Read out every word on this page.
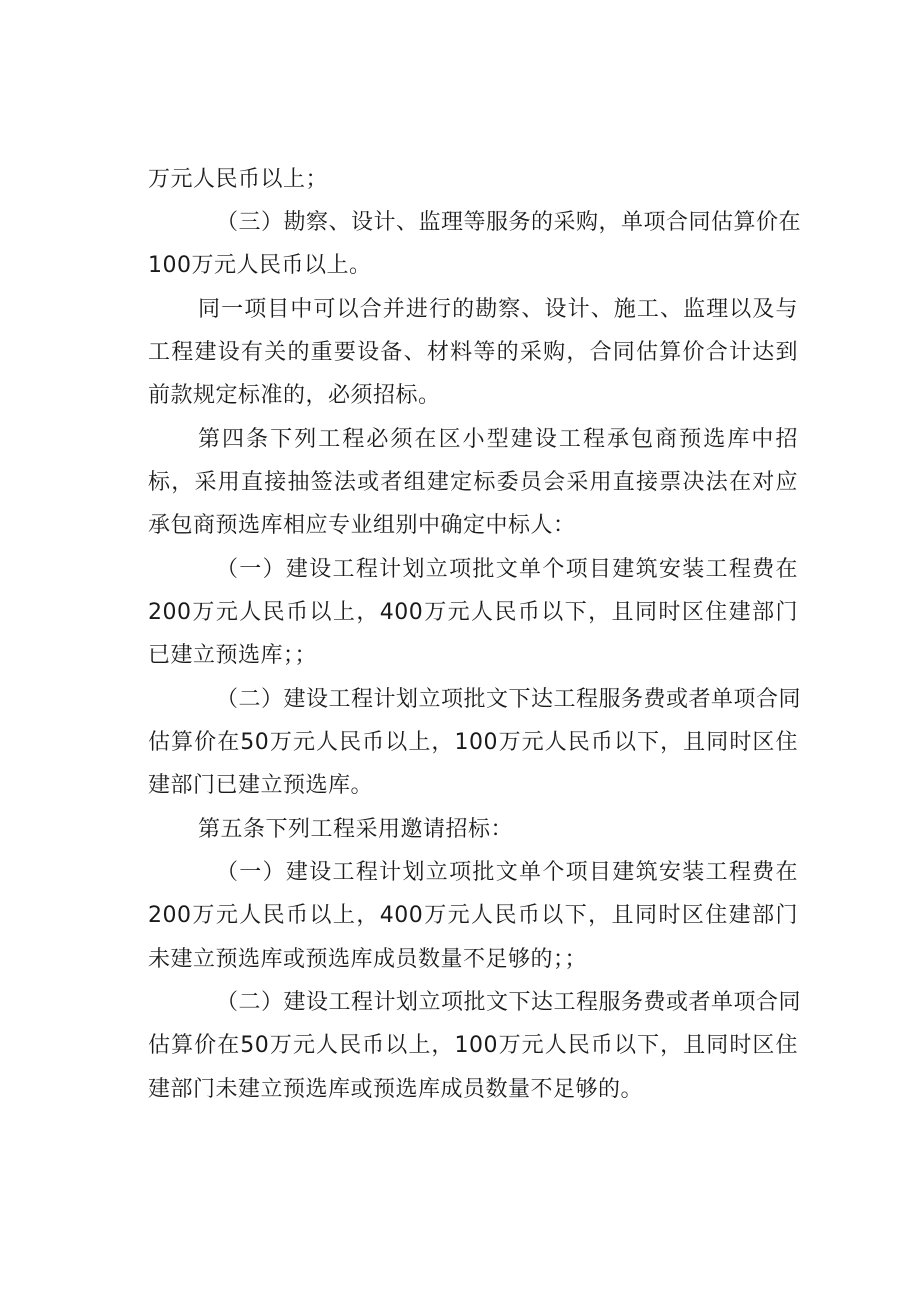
万元人民币以上；
（三）勘察、设计、监理等服务的采购，单项合同估算价在
100万元人民币以上。
同一项目中可以合并进行的勘察、设计、施工、监理以及与
工程建设有关的重要设备、材料等的采购，合同估算价合计达到
前款规定标准的，必须招标。
第四条下列工程必须在区小型建设工程承包商预选库中招
标，采用直接抽签法或者组建定标委员会采用直接票决法在对应
承包商预选库相应专业组别中确定中标人：
（一）建设工程计划立项批文单个项目建筑安装工程费在
200万元人民币以上，400万元人民币以下，且同时区住建部门
已建立预选库；；
（二）建设工程计划立项批文下达工程服务费或者单项合同
估算价在50万元人民币以上，100万元人民币以下，且同时区住
建部门已建立预选库。
第五条下列工程采用邀请招标：
（一）建设工程计划立项批文单个项目建筑安装工程费在
200万元人民币以上，400万元人民币以下，且同时区住建部门
未建立预选库或预选库成员数量不足够的；；
（二）建设工程计划立项批文下达工程服务费或者单项合同
估算价在50万元人民币以上，100万元人民币以下，且同时区住
建部门未建立预选库或预选库成员数量不足够的。
